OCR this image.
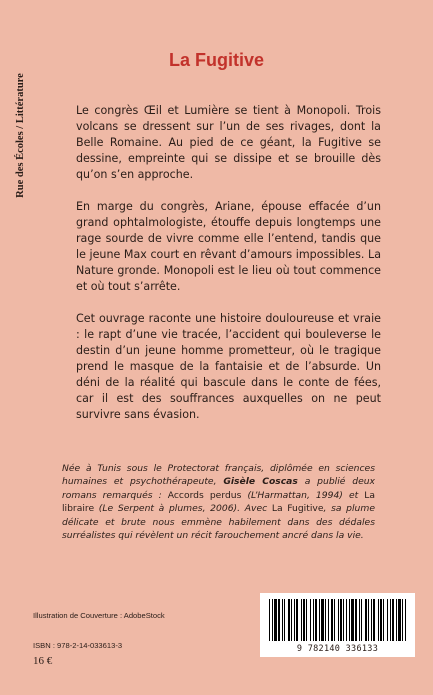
Rue des Écoles / Littérature
La Fugitive

Le congrès Œil et Lumière se tient à Monopoli. Trois volcans se dressent sur l’un de ses rivages, dont la Belle Romaine. Au pied de ce géant, la Fugitive se dessine, empreinte qui se dissipe et se brouille dès qu’on s’en approche.

En marge du congrès, Ariane, épouse effacée d’un grand ophtalmologiste, étouffe depuis longtemps une rage sourde de vivre comme elle l’entend, tandis que le jeune Max court en rêvant d’amours impossibles. La Nature gronde. Monopoli est le lieu où tout commence et où tout s’arrête.

Cet ouvrage raconte une histoire douloureuse et vraie : le rapt d’une vie tracée, l’accident qui bouleverse le destin d’un jeune homme prometteur, où le tragique prend le masque de la fantaisie et de l’absurde. Un déni de la réalité qui bascule dans le conte de fées, car il est des souffrances auxquelles on ne peut survivre sans évasion.

Née à Tunis sous le Protectorat français, diplômée en sciences humaines et psychothérapeute, Gisèle Coscas a publié deux romans remarqués : Accords perdus (L’Harmattan, 1994) et La libraire (Le Serpent à plumes, 2006). Avec La Fugitive, sa plume délicate et brute nous emmène habilement dans des dédales surréalistes qui révèlent un récit farouchement ancré dans la vie.

Illustration de Couverture : AdobeStock
ISBN : 978-2-14-033613-3
16 €
9 782140 336133
